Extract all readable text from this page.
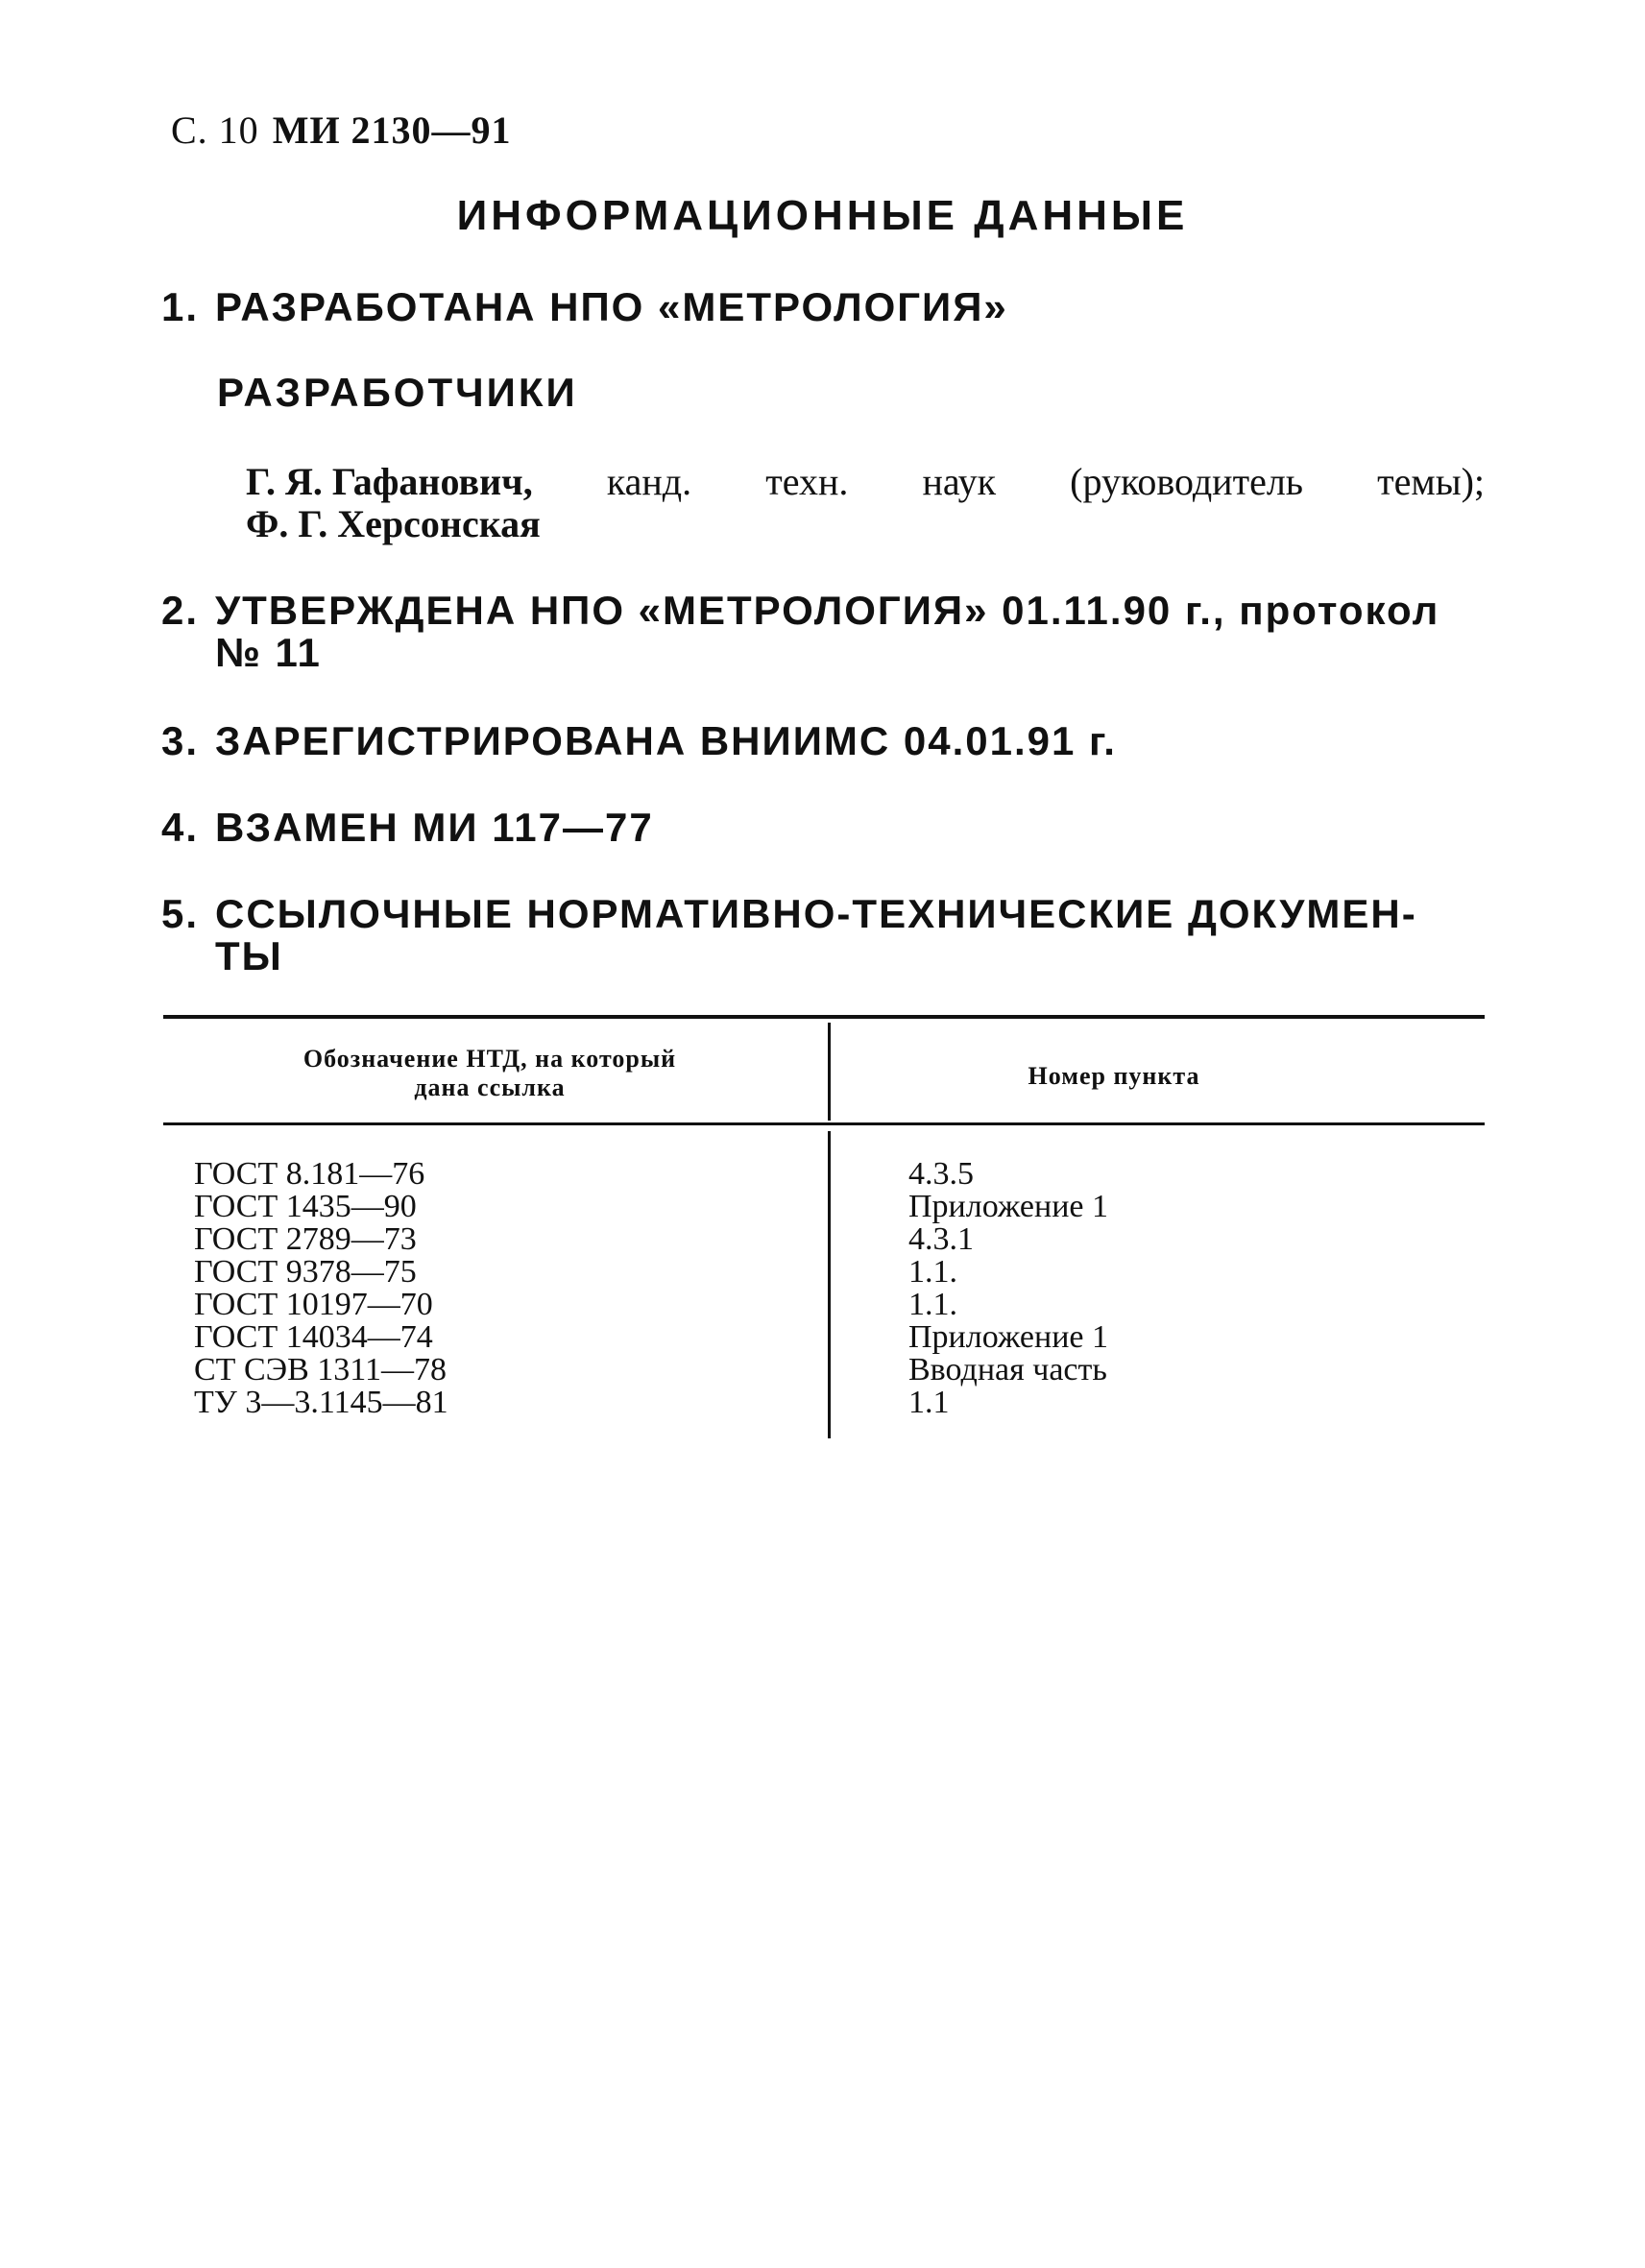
С. 10 МИ 2130—91
ИНФОРМАЦИОННЫЕ ДАННЫЕ
1. РАЗРАБОТАНА НПО «МЕТРОЛОГИЯ»
РАЗРАБОТЧИКИ
Г. Я. Гафанович, канд. техн. наук (руководитель темы);
Ф. Г. Херсонская
2. УТВЕРЖДЕНА НПО «МЕТРОЛОГИЯ» 01.11.90 г., протокол
№ 11
3. ЗАРЕГИСТРИРОВАНА ВНИИМС 04.01.91 г.
4. ВЗАМЕН МИ 117—77
5. ССЫЛОЧНЫЕ НОРМАТИВНО-ТЕХНИЧЕСКИЕ ДОКУМЕН-
ТЫ
Обозначение НТД, на который
дана ссылка	Номер пункта
ГОСТ 8.181—76
ГОСТ 1435—90
ГОСТ 2789—73
ГОСТ 9378—75
ГОСТ 10197—70
ГОСТ 14034—74
СТ СЭВ 1311—78
ТУ 3—3.1145—81
4.3.5
Приложение 1
4.3.1
1.1.
1.1.
Приложение 1
Вводная часть
1.1
